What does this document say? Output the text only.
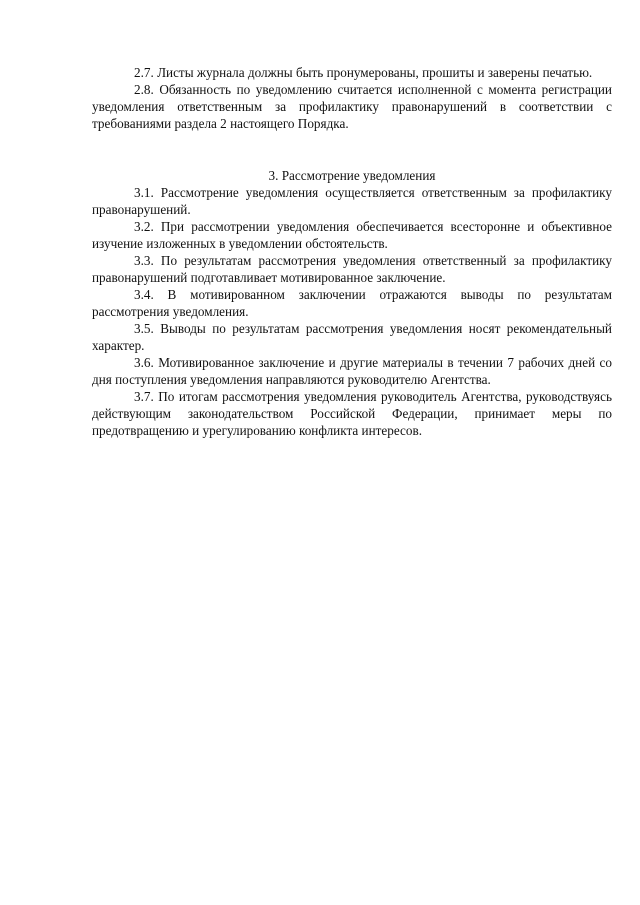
2.7. Листы журнала должны быть пронумерованы, прошиты и заверены печатью.

2.8. Обязанность по уведомлению считается исполненной с момента регистрации уведомления ответственным за профилактику правонарушений в соответствии с требованиями раздела 2 настоящего Порядка.

3. Рассмотрение уведомления

3.1. Рассмотрение уведомления осуществляется ответственным за профилактику правонарушений.

3.2. При рассмотрении уведомления обеспечивается всесторонне и объективное изучение изложенных в уведомлении обстоятельств.

3.3. По результатам рассмотрения уведомления ответственный за профилактику правонарушений подготавливает мотивированное заключение.

3.4. В мотивированном заключении отражаются выводы по результатам рассмотрения уведомления.

3.5. Выводы по результатам рассмотрения уведомления носят рекомендательный характер.

3.6. Мотивированное заключение и другие материалы в течении 7 рабочих дней со дня поступления уведомления направляются руководителю Агентства.

3.7. По итогам рассмотрения уведомления руководитель Агентства, руководствуясь действующим законодательством Российской Федерации, принимает меры по предотвращению и урегулированию конфликта интересов.
